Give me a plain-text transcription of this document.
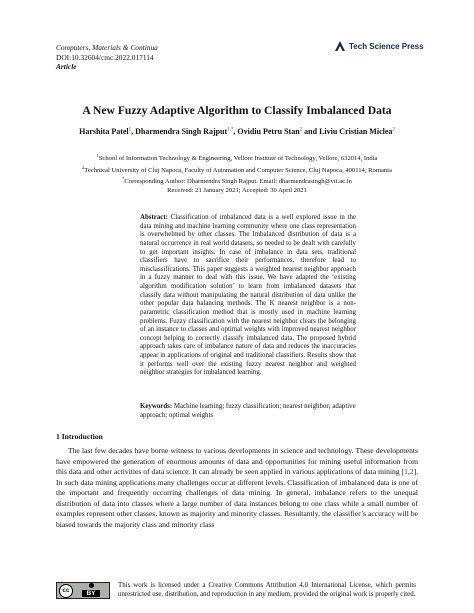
Computers, Materials & Continua
DOI:10.32604/cmc.2022.017114
Article
Tech Science Press
A New Fuzzy Adaptive Algorithm to Classify Imbalanced Data
Harshita Patel$^1$, Dharmendra Singh Rajput$^{1,*}$, Ovidiu Petru Stan$^2$ and Liviu Cristian Miclea$^2$
$^1$School of Information Technology & Engineering, Vellore Institute of Technology, Vellore, 632014, India
$^2$Technical University of Cluj Napoca, Faculty of Automation and Computer Science, Cluj Napoca, 400114, Romania
*Corresponding Author: Dharmendra Singh Rajput. Email: dharmendrasingh@vit.ac.in
Received: 21 January 2021; Accepted: 30 April 2021
Abstract: Classification of imbalanced data is a well explored issue in the data mining and machine learning community where one class representation is overwhelmed by other classes. The Imbalanced distribution of data is a natural occurrence in real world datasets, so needed to be dealt with carefully to get important insights. In case of imbalance in data sets, traditional classifiers have to sacrifice their performances, therefore lead to misclassifications. This paper suggests a weighted nearest neighbor approach in a fuzzy manner to deal with this issue. We have adapted the ‘existing algorithm modification solution’ to learn from imbalanced datasets that classify data without manipulating the natural distribution of data unlike the other popular data balancing methods. The K nearest neighbor is a non-parametric classification method that is mostly used in machine learning problems. Fuzzy classification with the nearest neighbor clears the belonging of an instance to classes and optimal weights with improved nearest neighbor concept helping to correctly classify imbalanced data. The proposed hybrid approach takes care of imbalance nature of data and reduces the inaccuracies appear in applications of original and traditional classifiers. Results show that it performs well over the existing fuzzy nearest neighbor and weighted neighbor strategies for imbalanced learning.
Keywords: Machine learning; fuzzy classification; nearest neighbor; adaptive approach; optimal weights
1 Introduction
The last few decades have borne witness to various developments in science and technology. These developments have empowered the generation of enormous amounts of data and opportunities for mining useful information from this data and other activities of data science. It can already be seen applied in various applications of data mining [1,2]. In such data mining applications many challenges occur at different levels. Classification of imbalanced data is one of the important and frequently occurring challenges of data mining. In general, imbalance refers to the unequal distribution of data into classes where a large number of data instances belong to one class while a small number of examples represent other classes, known as majority and minority classes. Resultantly, the classifier’s accuracy will be biased towards the majority class and minority class
cc	BY
This work is licensed under a Creative Commons Attribution 4.0 International License, which permits unrestricted use, distribution, and reproduction in any medium, provided the original work is properly cited.
